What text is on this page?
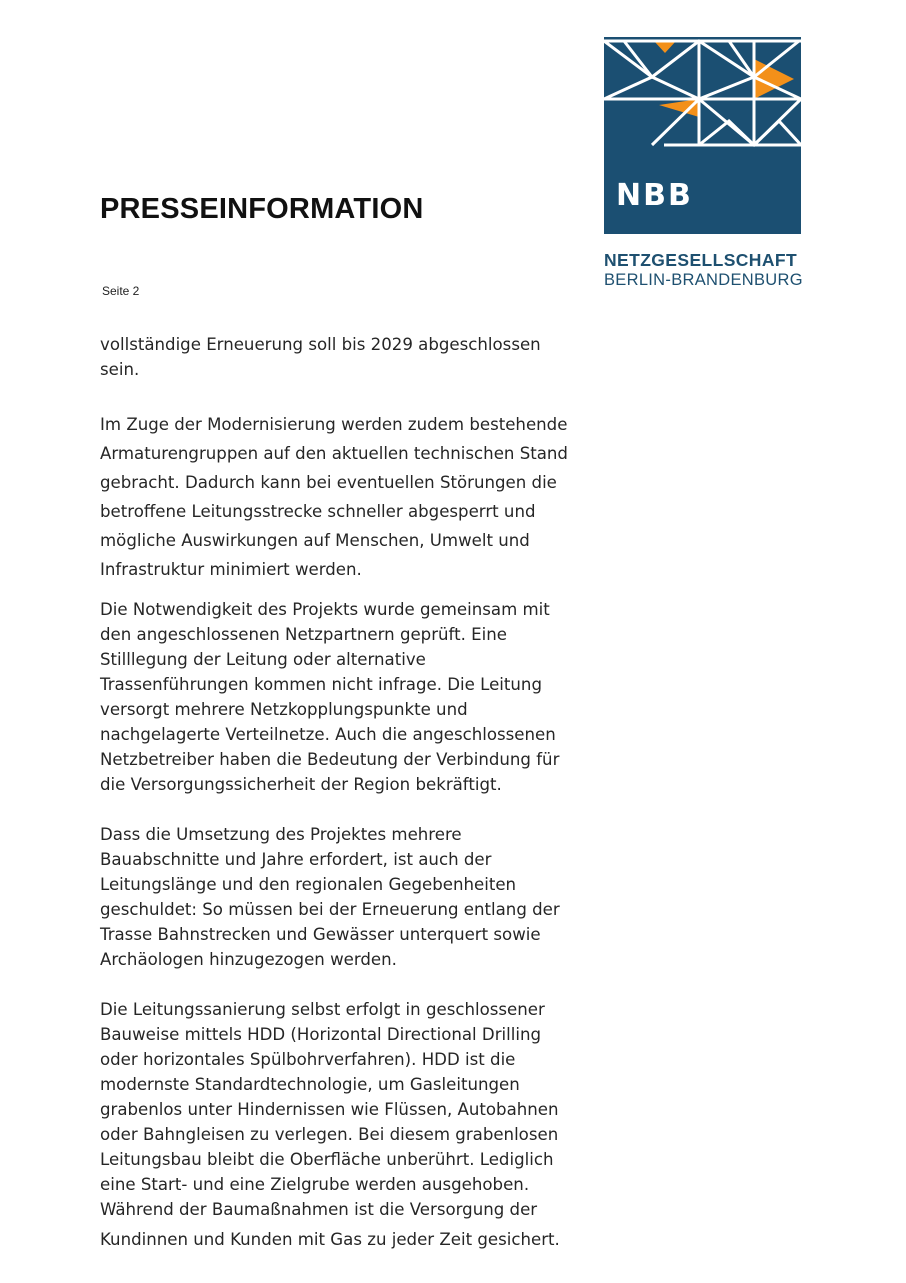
PRESSEINFORMATION
Seite 2
NBB
NETZGESELLSCHAFT
BERLIN-BRANDENBURG
vollständige Erneuerung soll bis 2029 abgeschlossen
sein.
Im Zuge der Modernisierung werden zudem bestehende
Armaturengruppen auf den aktuellen technischen Stand
gebracht. Dadurch kann bei eventuellen Störungen die
betroffene Leitungsstrecke schneller abgesperrt und
mögliche Auswirkungen auf Menschen, Umwelt und
Infrastruktur minimiert werden.
Die Notwendigkeit des Projekts wurde gemeinsam mit
den angeschlossenen Netzpartnern geprüft. Eine
Stilllegung der Leitung oder alternative
Trassenführungen kommen nicht infrage. Die Leitung
versorgt mehrere Netzkopplungspunkte und
nachgelagerte Verteilnetze. Auch die angeschlossenen
Netzbetreiber haben die Bedeutung der Verbindung für
die Versorgungssicherheit der Region bekräftigt.
Dass die Umsetzung des Projektes mehrere
Bauabschnitte und Jahre erfordert, ist auch der
Leitungslänge und den regionalen Gegebenheiten
geschuldet: So müssen bei der Erneuerung entlang der
Trasse Bahnstrecken und Gewässer unterquert sowie
Archäologen hinzugezogen werden.
Die Leitungssanierung selbst erfolgt in geschlossener
Bauweise mittels HDD (Horizontal Directional Drilling
oder horizontales Spülbohrverfahren). HDD ist die
modernste Standardtechnologie, um Gasleitungen
grabenlos unter Hindernissen wie Flüssen, Autobahnen
oder Bahngleisen zu verlegen. Bei diesem grabenlosen
Leitungsbau bleibt die Oberfläche unberührt. Lediglich
eine Start- und eine Zielgrube werden ausgehoben.
Während der Baumaßnahmen ist die Versorgung der
Kundinnen und Kunden mit Gas zu jeder Zeit gesichert.
